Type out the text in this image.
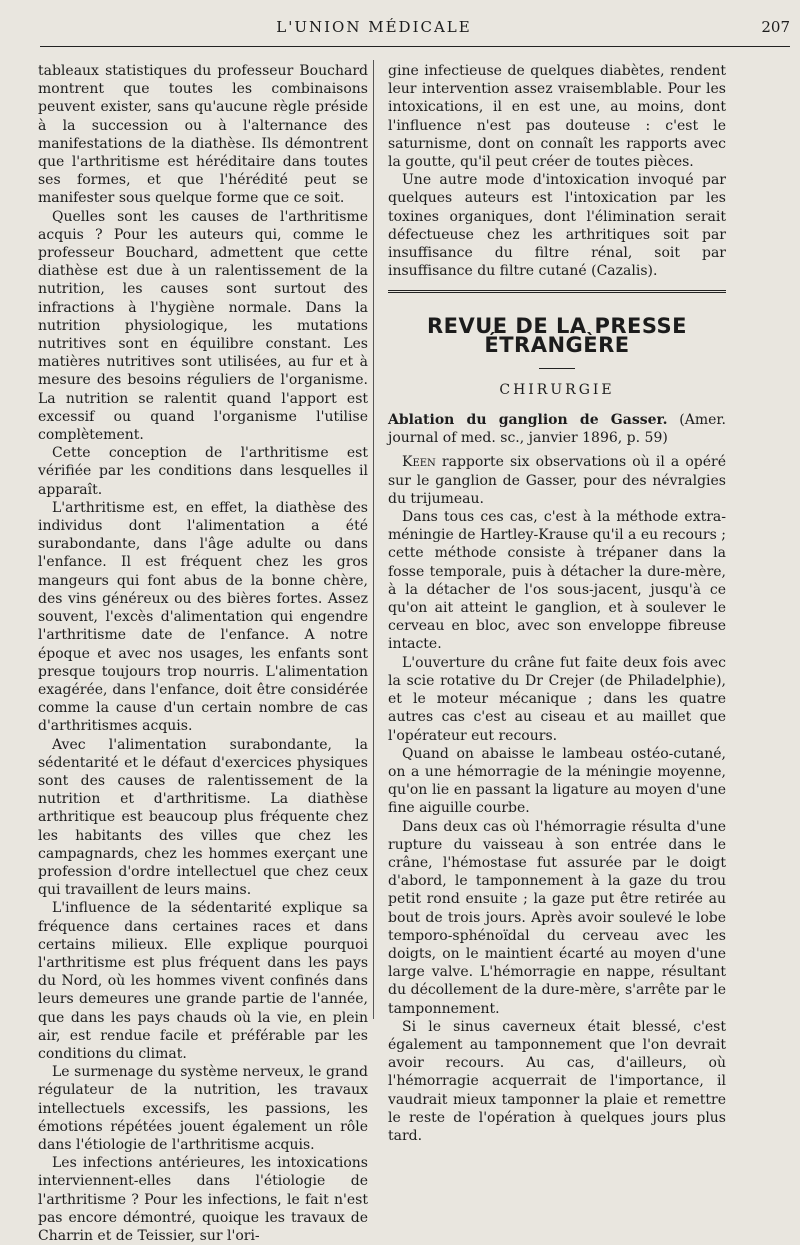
L'UNION MÉDICALE	207

tableaux statistiques du professeur Bouchard montrent que toutes les combinaisons peuvent exister, sans qu'aucune règle préside à la succession ou à l'alternance des manifestations de la diathèse. Ils démontrent que l'arthritisme est héréditaire dans toutes ses formes, et que l'hérédité peut se manifester sous quelque forme que ce soit.

Quelles sont les causes de l'arthritisme acquis ? Pour les auteurs qui, comme le professeur Bouchard, admettent que cette diathèse est due à un ralentissement de la nutrition, les causes sont surtout des infractions à l'hygiène normale. Dans la nutrition physiologique, les mutations nutritives sont en équilibre constant. Les matières nutritives sont utilisées, au fur et à mesure des besoins réguliers de l'organisme. La nutrition se ralentit quand l'apport est excessif ou quand l'organisme l'utilise complètement.

Cette conception de l'arthritisme est vérifiée par les conditions dans lesquelles il apparaît.

L'arthritisme est, en effet, la diathèse des individus dont l'alimentation a été surabondante, dans l'âge adulte ou dans l'enfance. Il est fréquent chez les gros mangeurs qui font abus de la bonne chère, des vins généreux ou des bières fortes. Assez souvent, l'excès d'alimentation qui engendre l'arthritisme date de l'enfance. A notre époque et avec nos usages, les enfants sont presque toujours trop nourris. L'alimentation exagérée, dans l'enfance, doit être considérée comme la cause d'un certain nombre de cas d'arthritismes acquis.

Avec l'alimentation surabondante, la sédentarité et le défaut d'exercices physiques sont des causes de ralentissement de la nutrition et d'arthritisme. La diathèse arthritique est beaucoup plus fréquente chez les habitants des villes que chez les campagnards, chez les hommes exerçant une profession d'ordre intellectuel que chez ceux qui travaillent de leurs mains.

L'influence de la sédentarité explique sa fréquence dans certaines races et dans certains milieux. Elle explique pourquoi l'arthritisme est plus fréquent dans les pays du Nord, où les hommes vivent confinés dans leurs demeures une grande partie de l'année, que dans les pays chauds où la vie, en plein air, est rendue facile et préférable par les conditions du climat.

Le surmenage du système nerveux, le grand régulateur de la nutrition, les travaux intellectuels excessifs, les passions, les émotions répétées jouent également un rôle dans l'étiologie de l'arthritisme acquis.

Les infections antérieures, les intoxications interviennent-elles dans l'étiologie de l'arthritisme ? Pour les infections, le fait n'est pas encore démontré, quoique les travaux de Charrin et de Teissier, sur l'ori-

gine infectieuse de quelques diabètes, rendent leur intervention assez vraisemblable. Pour les intoxications, il en est une, au moins, dont l'influence n'est pas douteuse : c'est le saturnisme, dont on connaît les rapports avec la goutte, qu'il peut créer de toutes pièces.

Une autre mode d'intoxication invoqué par quelques auteurs est l'intoxication par les toxines organiques, dont l'élimination serait défectueuse chez les arthritiques soit par insuffisance du filtre rénal, soit par insuffisance du filtre cutané (Cazalis).

REVUE DE LA PRESSE ÉTRANGÈRE
CHIRURGIE

Ablation du ganglion de Gasser. (Amer. journal of med. sc., janvier 1896, p. 59)

Keen rapporte six observations où il a opéré sur le ganglion de Gasser, pour des névralgies du trijumeau.

Dans tous ces cas, c'est à la méthode extra-méningie de Hartley-Krause qu'il a eu recours ; cette méthode consiste à trépaner dans la fosse temporale, puis à détacher la dure-mère, à la détacher de l'os sous-jacent, jusqu'à ce qu'on ait atteint le ganglion, et à soulever le cerveau en bloc, avec son enveloppe fibreuse intacte.

L'ouverture du crâne fut faite deux fois avec la scie rotative du Dr Crejer (de Philadelphie), et le moteur mécanique ; dans les quatre autres cas c'est au ciseau et au maillet que l'opérateur eut recours.

Quand on abaisse le lambeau ostéo-cutané, on a une hémorragie de la méningie moyenne, qu'on lie en passant la ligature au moyen d'une fine aiguille courbe.

Dans deux cas où l'hémorragie résulta d'une rupture du vaisseau à son entrée dans le crâne, l'hémostase fut assurée par le doigt d'abord, le tamponnement à la gaze du trou petit rond ensuite ; la gaze put être retirée au bout de trois jours. Après avoir soulevé le lobe temporo-sphénoïdal du cerveau avec les doigts, on le maintient écarté au moyen d'une large valve. L'hémorragie en nappe, résultant du décollement de la dure-mère, s'arrête par le tamponnement.

Si le sinus caverneux était blessé, c'est également au tamponnement que l'on devrait avoir recours. Au cas, d'ailleurs, où l'hémorragie acquerrait de l'importance, il vaudrait mieux tamponner la plaie et remettre le reste de l'opération à quelques jours plus tard.
